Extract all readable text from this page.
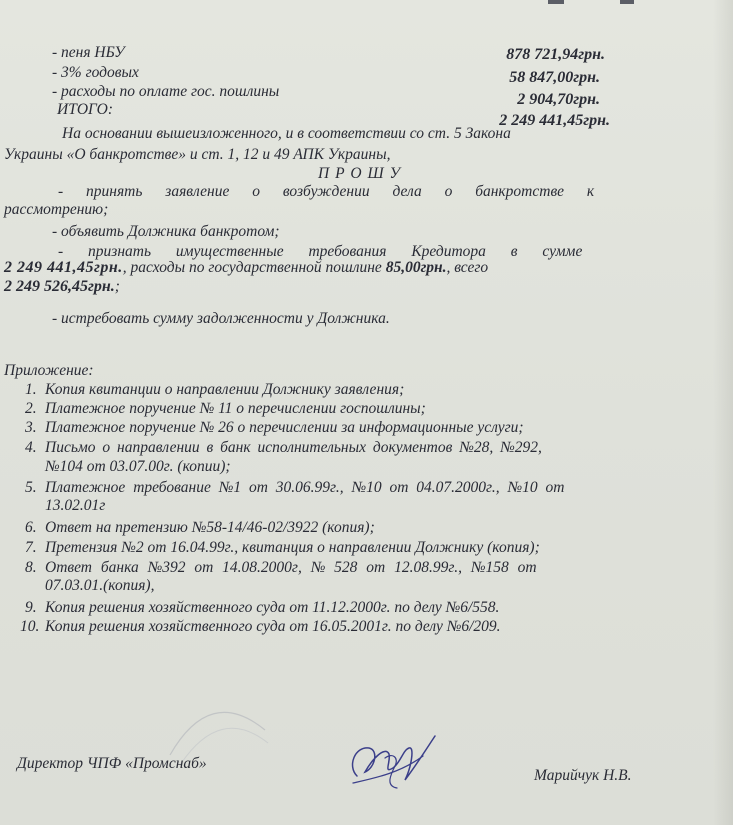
- пеня НБУ	878 721,94грн.
- 3% годовых	58 847,00грн.
- расходы по оплате гос. пошлины	2 904,70грн.
ИТОГО:
2 249 441,45грн.
На основании вышеизложенного, и в соответствии со ст. 5 Закона
Украины «О банкротстве» и ст. 1, 12 и 49 АПК Украины,
П Р О Ш У
- принять заявление о возбуждении дела о банкротстве к
рассмотрению;
- объявить Должника банкротом;
- признать имущественные требования Кредитора в сумме
2 249 441,45грн., расходы по государственной пошлине 85,00грн., всего
2 249 526,45грн.;
- истребовать сумму задолженности у Должника.
Приложение:
1. Копия квитанции о направлении Должнику заявления;
2. Платежное поручение № 11 о перечислении госпошлины;
3. Платежное поручение № 26 о перечислении за информационные услуги;
4. Письмо о направлении в банк исполнительных документов №28, №292,
№104 от 03.07.00г. (копии);
5. Платежное требование №1 от 30.06.99г., №10 от 04.07.2000г., №10 от
13.02.01г
6. Ответ на претензию №58-14/46-02/3922 (копия);
7. Претензия №2 от 16.04.99г., квитанция о направлении Должнику (копия);
8. Ответ банка №392 от 14.08.2000г, № 528 от 12.08.99г., №158 от
07.03.01.(копия),
9. Копия решения хозяйственного суда от 11.12.2000г. по делу №6/558.
10. Копия решения хозяйственного суда от 16.05.2001г. по делу №6/209.
Директор ЧПФ «Промснаб»
Марийчук Н.В.
